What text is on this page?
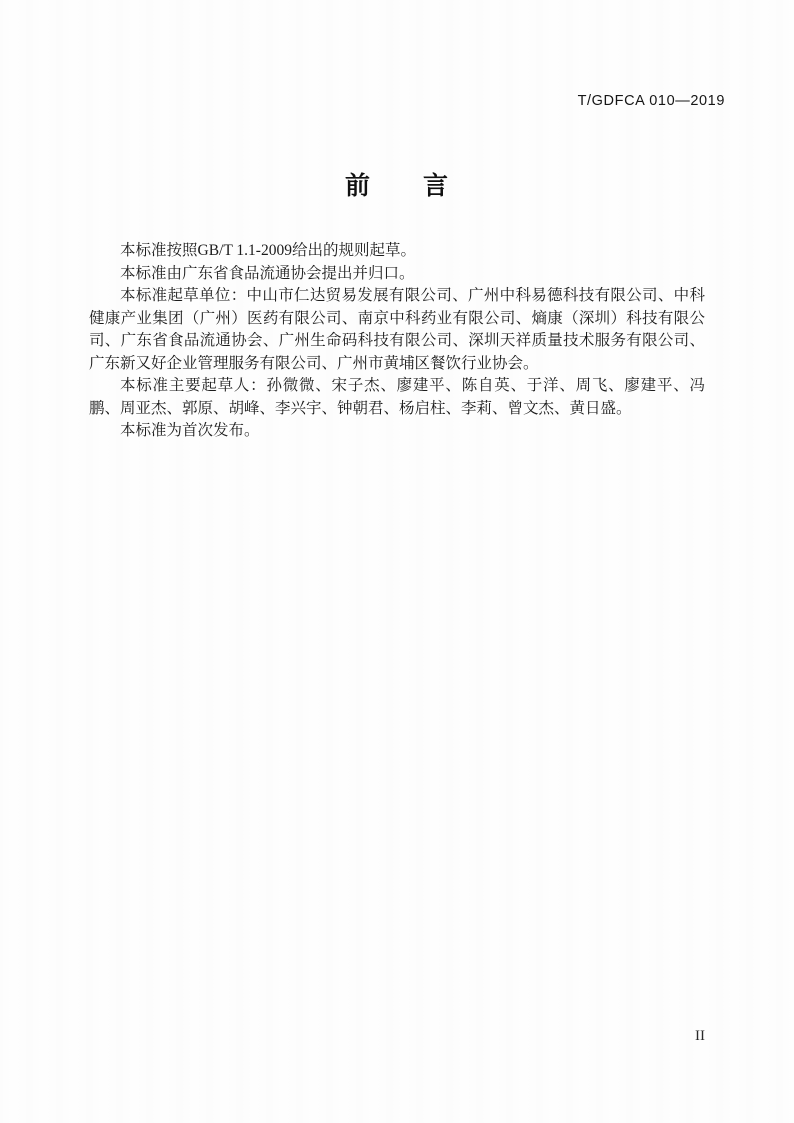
T/GDFCA 010—2019
前　　言

本标准按照GB/T 1.1-2009给出的规则起草。

本标准由广东省食品流通协会提出并归口。

本标准起草单位：中山市仁达贸易发展有限公司、广州中科易德科技有限公司、中科健康产业集团（广州）医药有限公司、南京中科药业有限公司、熵康（深圳）科技有限公司、广东省食品流通协会、广州生命码科技有限公司、深圳天祥质量技术服务有限公司、广东新又好企业管理服务有限公司、广州市黄埔区餐饮行业协会。

本标准主要起草人：孙微微、宋子杰、廖建平、陈自英、于洋、周飞、廖建平、冯鹏、周亚杰、郭原、胡峰、李兴宇、钟朝君、杨启柱、李莉、曾文杰、黄日盛。

本标准为首次发布。

II
